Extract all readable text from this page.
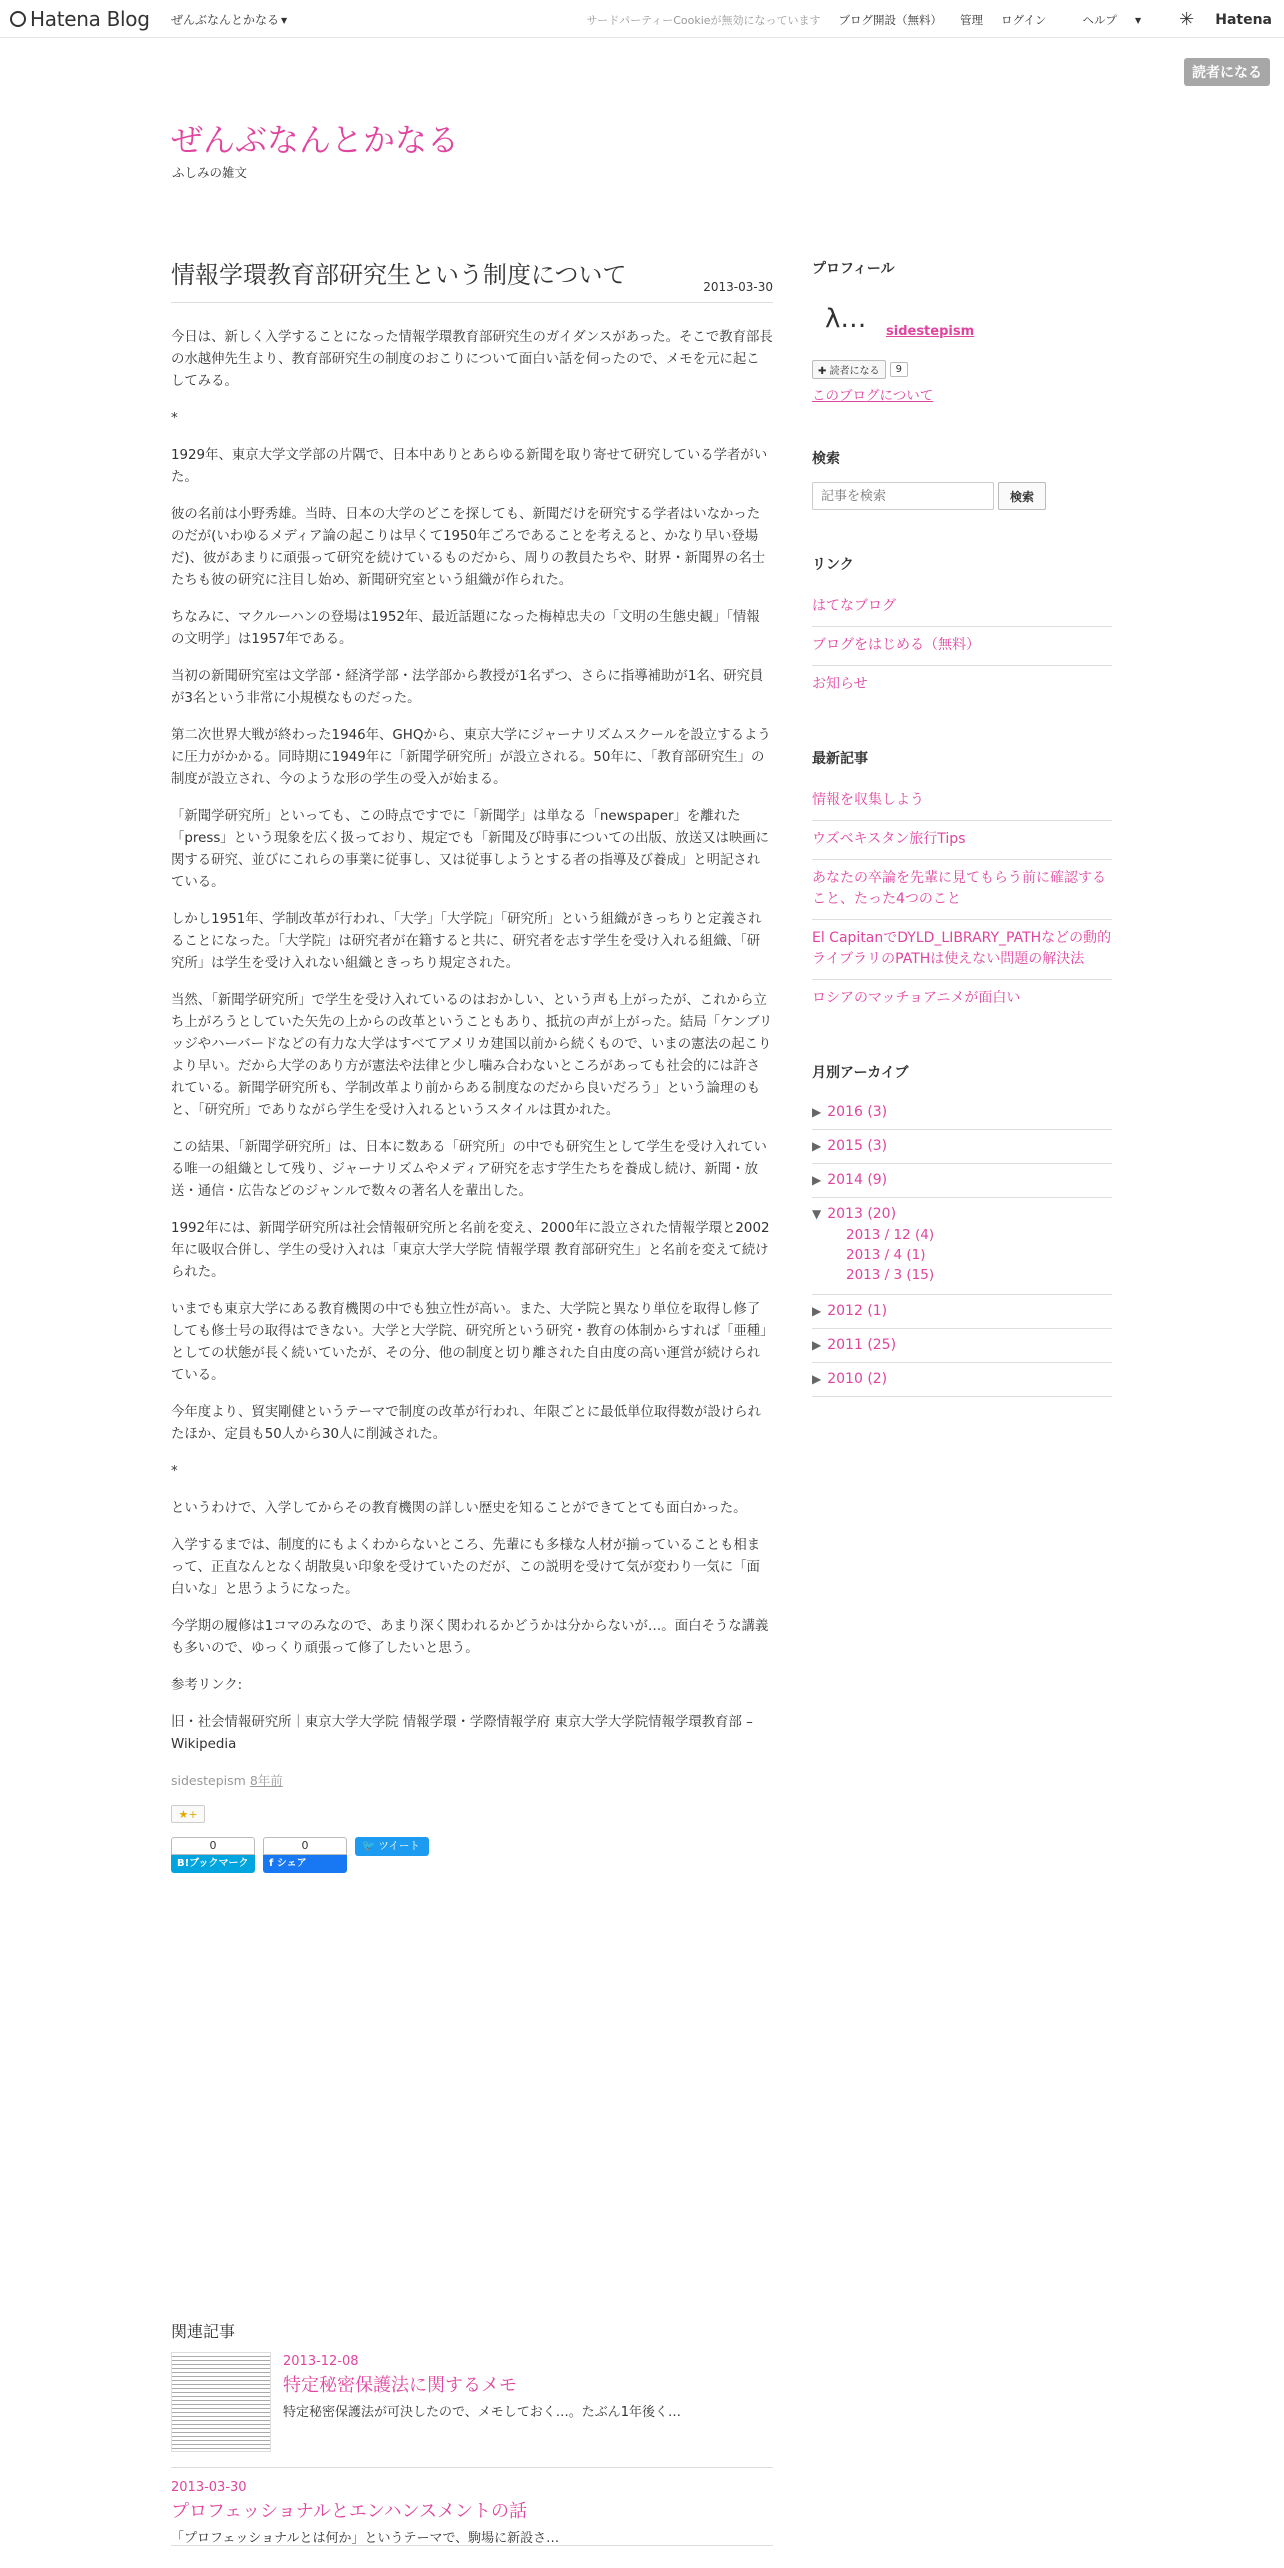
Hatena Blog ぜんぶなんとかなる ▼	サードパーティーCookieが無効になっています ブログ開設（無料） 管理 ログイン	ヘルプ ▼ ✳ Hatena
読者になる
ぜんぶなんとかなる
ふしみの雑文
情報学環教育部研究生という制度について	2013-03-30

今日は、新しく入学することになった情報学環教育部研究生のガイダンスがあった。そこで教育部長の水越伸先生より、教育部研究生の制度のおこりについて面白い話を伺ったので、メモを元に起こしてみる。

*

1929年、東京大学文学部の片隅で、日本中ありとあらゆる新聞を取り寄せて研究している学者がいた。

彼の名前は小野秀雄。当時、日本の大学のどこを探しても、新聞だけを研究する学者はいなかったのだが(いわゆるメディア論の起こりは早くて1950年ごろであることを考えると、かなり早い登場だ)、彼があまりに頑張って研究を続けているものだから、周りの教員たちや、財界・新聞界の名士たちも彼の研究に注目し始め、新聞研究室という組織が作られた。

ちなみに、マクルーハンの登場は1952年、最近話題になった梅棹忠夫の「文明の生態史観」「情報の文明学」は1957年である。

当初の新聞研究室は文学部・経済学部・法学部から教授が1名ずつ、さらに指導補助が1名、研究員が3名という非常に小規模なものだった。

第二次世界大戦が終わった1946年、GHQから、東京大学にジャーナリズムスクールを設立するように圧力がかかる。同時期に1949年に「新聞学研究所」が設立される。50年に、「教育部研究生」の制度が設立され、今のような形の学生の受入が始まる。

「新聞学研究所」といっても、この時点ですでに「新聞学」は単なる「newspaper」を離れた「press」という現象を広く扱っており、規定でも「新聞及び時事についての出版、放送又は映画に関する研究、並びにこれらの事業に従事し、又は従事しようとする者の指導及び養成」と明記されている。

しかし1951年、学制改革が行われ、「大学」「大学院」「研究所」という組織がきっちりと定義されることになった。「大学院」は研究者が在籍すると共に、研究者を志す学生を受け入れる組織、「研究所」は学生を受け入れない組織ときっちり規定された。

当然、「新聞学研究所」で学生を受け入れているのはおかしい、という声も上がったが、これから立ち上がろうとしていた矢先の上からの改革ということもあり、抵抗の声が上がった。結局「ケンブリッジやハーバードなどの有力な大学はすべてアメリカ建国以前から続くもので、いまの憲法の起こりより早い。だから大学のあり方が憲法や法律と少し噛み合わないところがあっても社会的には許されている。新聞学研究所も、学制改革より前からある制度なのだから良いだろう」という論理のもと、「研究所」でありながら学生を受け入れるというスタイルは貫かれた。

この結果、「新聞学研究所」は、日本に数ある「研究所」の中でも研究生として学生を受け入れている唯一の組織として残り、ジャーナリズムやメディア研究を志す学生たちを養成し続け、新聞・放送・通信・広告などのジャンルで数々の著名人を輩出した。

1992年には、新聞学研究所は社会情報研究所と名前を変え、2000年に設立された情報学環と2002年に吸収合併し、学生の受け入れは「東京大学大学院 情報学環 教育部研究生」と名前を変えて続けられた。

いまでも東京大学にある教育機関の中でも独立性が高い。また、大学院と異なり単位を取得し修了しても修士号の取得はできない。大学と大学院、研究所という研究・教育の体制からすれば「亜種」としての状態が長く続いていたが、その分、他の制度と切り離された自由度の高い運営が続けられている。

今年度より、貿実剛健というテーマで制度の改革が行われ、年限ごとに最低単位取得数が設けられたほか、定員も50人から30人に削減された。

*

というわけで、入学してからその教育機関の詳しい歴史を知ることができてとても面白かった。

入学するまでは、制度的にもよくわからないところ、先輩にも多様な人材が揃っていることも相まって、正直なんとなく胡散臭い印象を受けていたのだが、この説明を受けて気が変わり一気に「面白いな」と思うようになった。

今学期の履修は1コマのみなので、あまり深く関われるかどうかは分からないが…。面白そうな講義も多いので、ゆっくり頑張って修了したいと思う。

参考リンク:

旧・社会情報研究所｜東京大学大学院 情報学環・学際情報学府 東京大学大学院情報学環教育部 – Wikipedia

sidestepism 8年前
★+
0
B!ブックマーク
0
f シェア
🐦 ツイート
関連記事
2013-12-08
特定秘密保護法に関するメモ
特定秘密保護法が可決したので、メモしておく…。たぶん1年後く…
2013-03-30
プロフェッショナルとエンハンスメントの話
「プロフェッショナルとは何か」というテーマで、駒場に新設さ…
プロフィール
λ… sidestepism
✚ 読者になる	9
このブログについて
検索
記事を検索
検索
リンク
はてなブログ
ブログをはじめる（無料）
お知らせ
最新記事
情報を収集しよう
ウズベキスタン旅行Tips
あなたの卒論を先輩に見てもらう前に確認すること、たった4つのこと
El CapitanでDYLD_LIBRARY_PATHなどの動的ライブラリのPATHは使えない問題の解決法
ロシアのマッチョアニメが面白い
月別アーカイブ
▶ 2016 (3)
▶ 2015 (3)
▶ 2014 (9)
▼ 2013 (20)
2013 / 12 (4)
2013 / 4 (1)
2013 / 3 (15)
▶ 2012 (1)
▶ 2011 (25)
▶ 2010 (2)
